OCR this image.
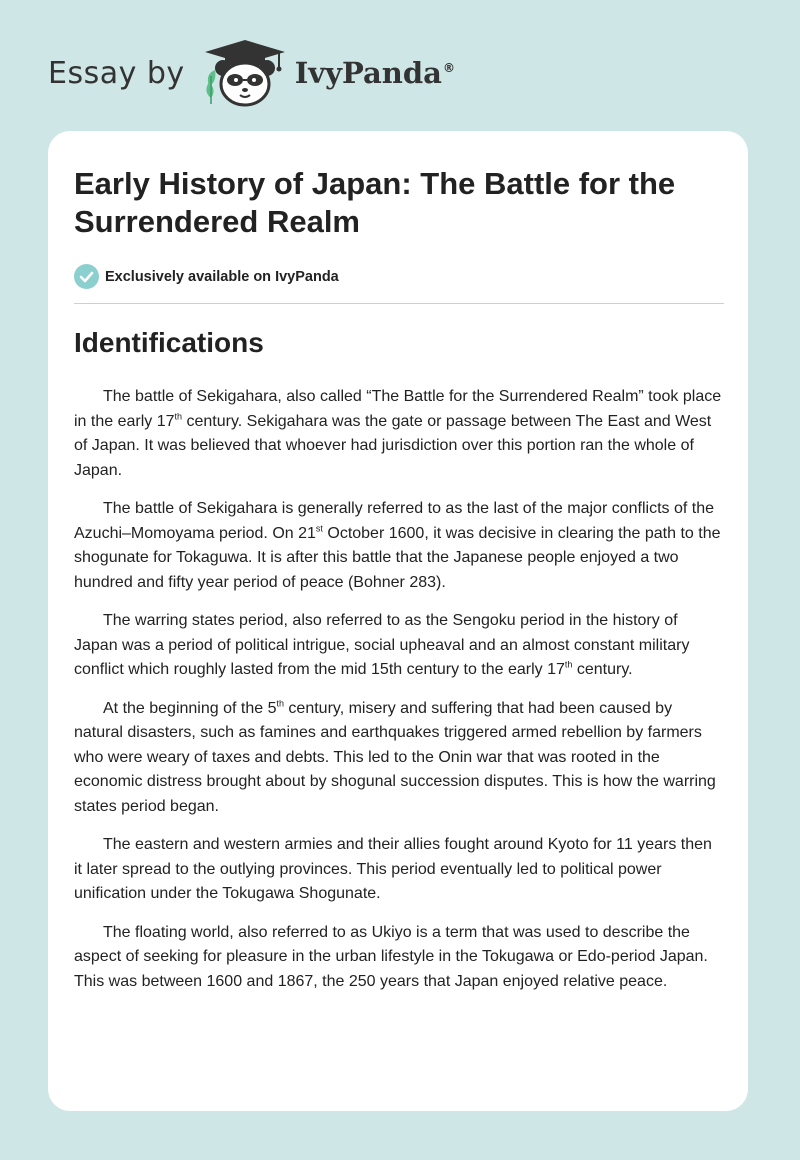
Essay by	IvyPanda®
Early History of Japan: The Battle for the Surrendered Realm
Exclusively available on IvyPanda
Identifications

The battle of Sekigahara, also called “The Battle for the Surrendered Realm” took place in the early 17th century. Sekigahara was the gate or passage between The East and West of Japan. It was believed that whoever had jurisdiction over this portion ran the whole of Japan.

The battle of Sekigahara is generally referred to as the last of the major conflicts of the Azuchi–Momoyama period. On 21st October 1600, it was decisive in clearing the path to the shogunate for Tokaguwa. It is after this battle that the Japanese people enjoyed a two hundred and fifty year period of peace (Bohner 283).

The warring states period, also referred to as the Sengoku period in the history of Japan was a period of political intrigue, social upheaval and an almost constant military conflict which roughly lasted from the mid 15th century to the early 17th century.

At the beginning of the 5th century, misery and suffering that had been caused by natural disasters, such as famines and earthquakes triggered armed rebellion by farmers who were weary of taxes and debts. This led to the Onin war that was rooted in the economic distress brought about by shogunal succession disputes. This is how the warring states period began.

The eastern and western armies and their allies fought around Kyoto for 11 years then it later spread to the outlying provinces. This period eventually led to political power unification under the Tokugawa Shogunate.

The floating world, also referred to as Ukiyo is a term that was used to describe the aspect of seeking for pleasure in the urban lifestyle in the Tokugawa or Edo-period Japan. This was between 1600 and 1867, the 250 years that Japan enjoyed relative peace.
